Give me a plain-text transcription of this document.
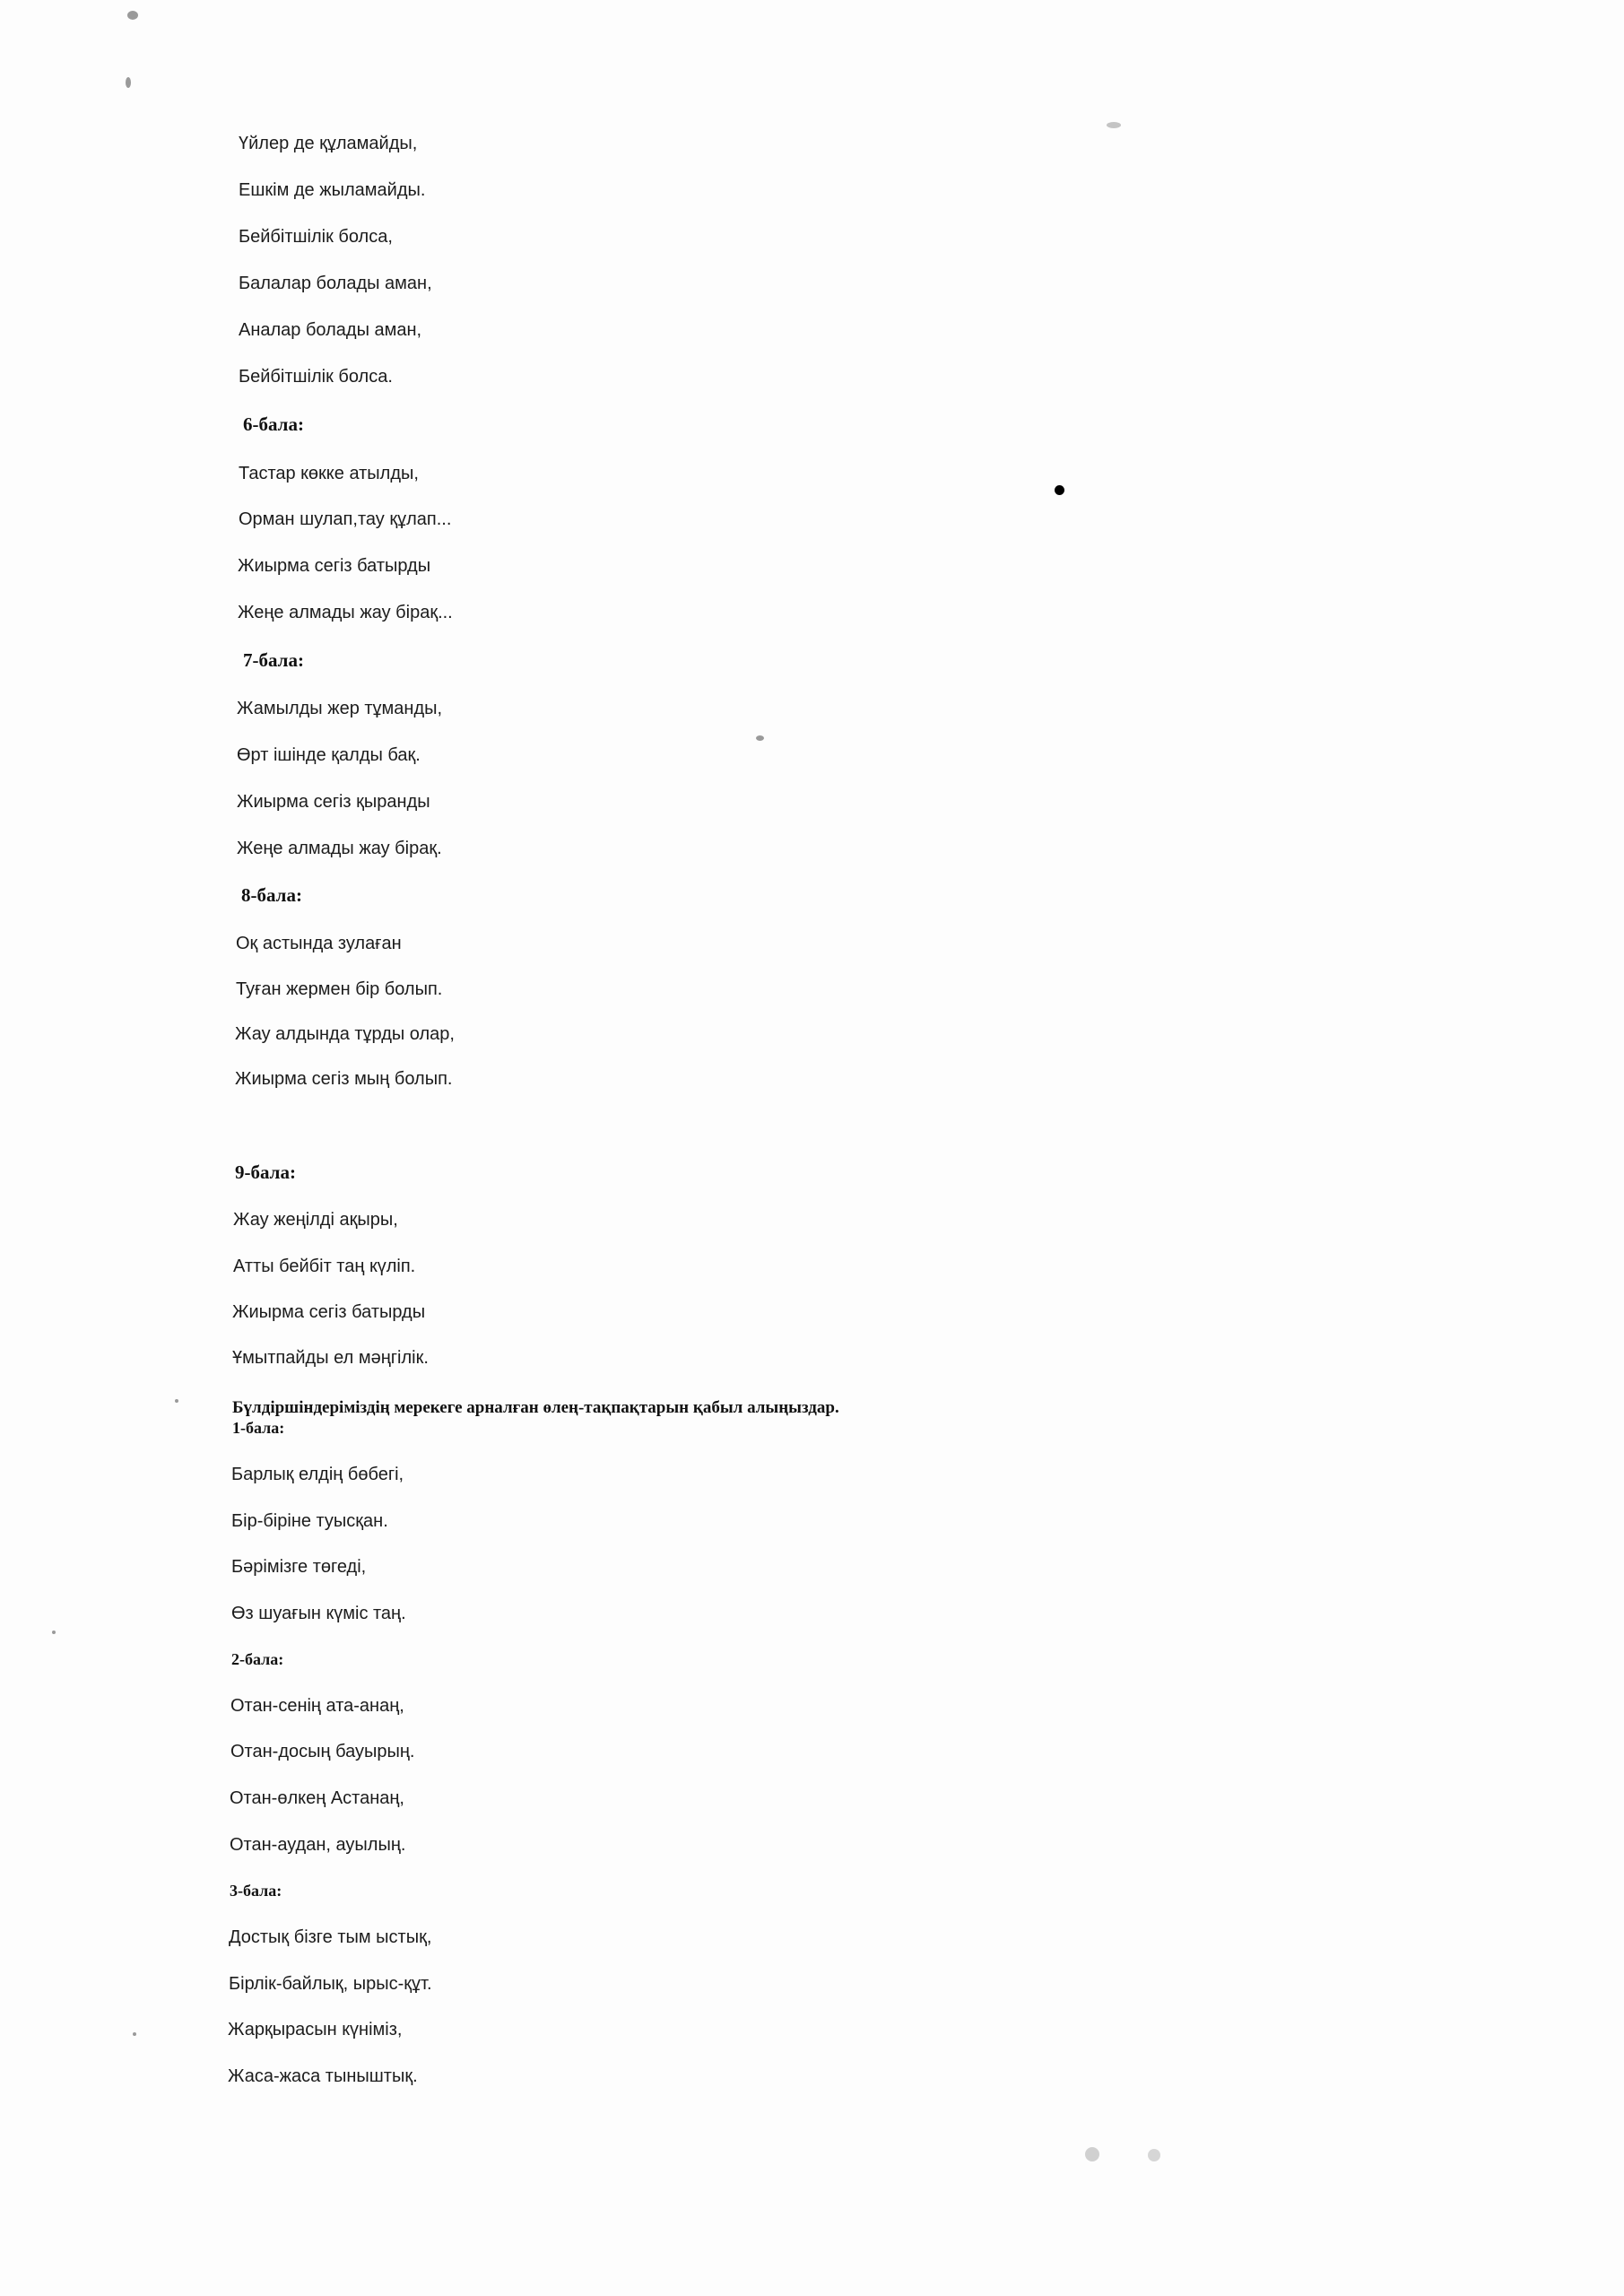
Үйлер де құламайды,
Ешкім де жыламайды.
Бейбітшілік болса,
Балалар болады аман,
Аналар болады аман,
Бейбітшілік болса.
6-бала:
Тастар көкке атылды,
Орман шулап,тау құлап...
Жиырма сегіз батырды
Жеңе алмады жау бірақ...
7-бала:
Жамылды жер тұманды,
Өрт ішінде қалды бақ.
Жиырма сегіз қыранды
Жеңе алмады жау бірақ.
8-бала:
Оқ астында зулаған
Туған жермен бір болып.
Жау алдында тұрды олар,
Жиырма сегіз мың болып.
9-бала:
Жау жеңілді ақыры,
Атты бейбіт таң күліп.
Жиырма сегіз батырды
Ұмытпайды ел мәңгілік.
Бүлдіршіндеріміздің мерекеге арналған өлең-тақпақтарын қабыл алыңыздар.
1-бала:
Барлық елдің бөбегі,
Бір-біріне туысқан.
Бәрімізге төгеді,
Өз шуағын күміс таң.
2-бала:
Отан-сенің ата-анаң,
Отан-досың бауырың.
Отан-өлкең Астанаң,
Отан-аудан, ауылың.
3-бала:
Достық бізге тым ыстық,
Бірлік-байлық, ырыс-құт.
Жарқырасын күніміз,
Жаса-жаса тыныштық.
